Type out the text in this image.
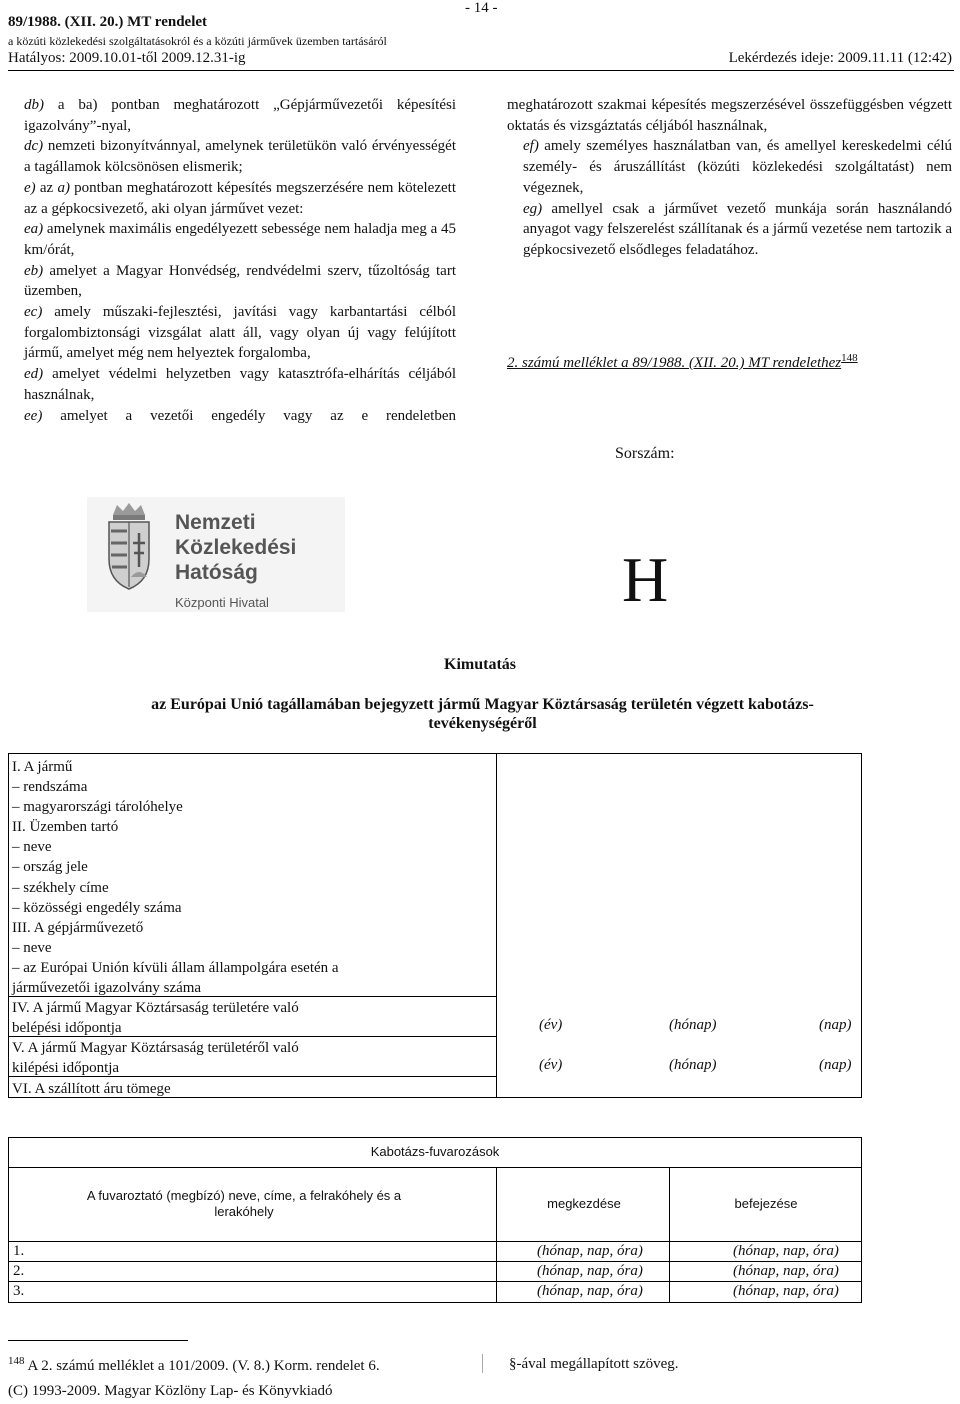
- 14 -
89/1988. (XII. 20.) MT rendelet
a közúti közlekedési szolgáltatásokról és a közúti járművek üzemben tartásáról
Hatályos: 2009.10.01-től 2009.12.31-ig	Lekérdezés ideje: 2009.11.11 (12:42)

db) a ba) pontban meghatározott „Gépjárművezetői képesítési igazolvány”-nyal,

dc) nemzeti bizonyítvánnyal, amelynek területükön való érvényességét a tagállamok kölcsönösen elismerik;

e) az a) pontban meghatározott képesítés megszerzésére nem kötelezett az a gépkocsivezető, aki olyan járművet vezet:

ea) amelynek maximális engedélyezett sebessége nem haladja meg a 45 km/órát,

eb) amelyet a Magyar Honvédség, rendvédelmi szerv, tűzoltóság tart üzemben,

ec) amely műszaki-fejlesztési, javítási vagy karbantartási célból forgalombiztonsági vizsgálat alatt áll, vagy olyan új vagy felújított jármű, amelyet még nem helyeztek forgalomba,

ed) amelyet védelmi helyzetben vagy katasztrófa-elhárítás céljából használnak,

ee) amelyet a vezetői engedély vagy az e rendeletben

meghatározott szakmai képesítés megszerzésével összefüggésben végzett oktatás és vizsgáztatás céljából használnak,

ef) amely személyes használatban van, és amellyel kereskedelmi célú személy- és áruszállítást (közúti közlekedési szolgáltatást) nem végeznek,

eg) amellyel csak a járművet vezető munkája során használandó anyagot vagy felszerelést szállítanak és a jármű vezetése nem tartozik a gépkocsivezető elsődleges feladatához.

2. számú melléklet a 89/1988. (XII. 20.) MT rendelethez$^{148}$
Sorszám:
Nemzeti
Közlekedési
Hatóság
Központi Hivatal	H
Kimutatás
az Európai Unió tagállamában bejegyzett jármű Magyar Köztársaság területén végzett kabotázs-tevékenységéről
I. A jármű
– rendszáma
– magyarországi tárolóhelye
II. Üzemben tartó
– neve
– ország jele
– székhely címe
– közösségi engedély száma
III. A gépjárművezető
– neve
– az Európai Unión kívüli állam állampolgára esetén a
járművezetői igazolvány száma
IV. A jármű Magyar Köztársaság területére való
belépési időpontja
V. A jármű Magyar Köztársaság területéről való
kilépési időpontja
VI. A szállított áru tömege
(év)	(hónap)	(nap)
(év)	(hónap)	(nap)
Kabotázs-fuvarozások
A fuvaroztató (megbízó) neve, címe, a felrakóhely és a lerakóhely
megkezdése	befejezése
1.	(hónap, nap, óra)	(hónap, nap, óra)
2.	(hónap, nap, óra)	(hónap, nap, óra)
3.	(hónap, nap, óra)	(hónap, nap, óra)
$^{148}$ A 2. számú melléklet a 101/2009. (V. 8.) Korm. rendelet 6.	§-ával megállapított szöveg.
(C) 1993-2009. Magyar Közlöny Lap- és Könyvkiadó
